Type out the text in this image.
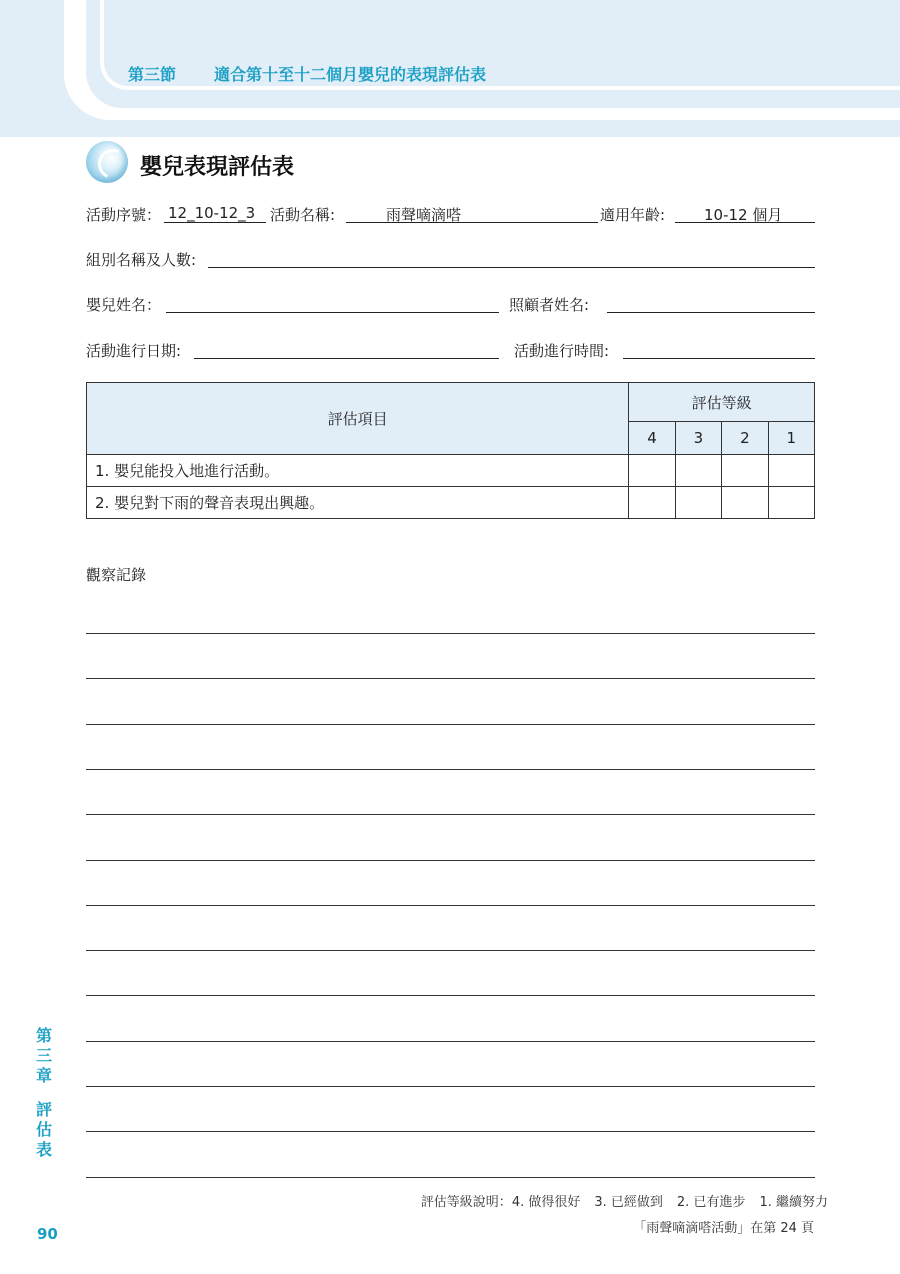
第三節 適合第十至十二個月嬰兒的表現評估表
嬰兒表現評估表
活動序號： 12_10-12_3 活動名稱:	雨聲嘀滴嗒	適用年齡:	10-12 個月
組別名稱及人數:
嬰兒姓名：	照顧者姓名:
活動進行日期:	活動進行時間:
評估項目	評估等級			
	4	3	2	1
1. 嬰兒能投入地進行活動。				
2. 嬰兒對下雨的聲音表現出興趣。				
觀察記錄
第
三
章
評
估
表
90
評估等級說明：4. 做得很好 3. 已經做到 2. 已有進步 1. 繼續努力
「雨聲嘀滴嗒活動」在第 24 頁
